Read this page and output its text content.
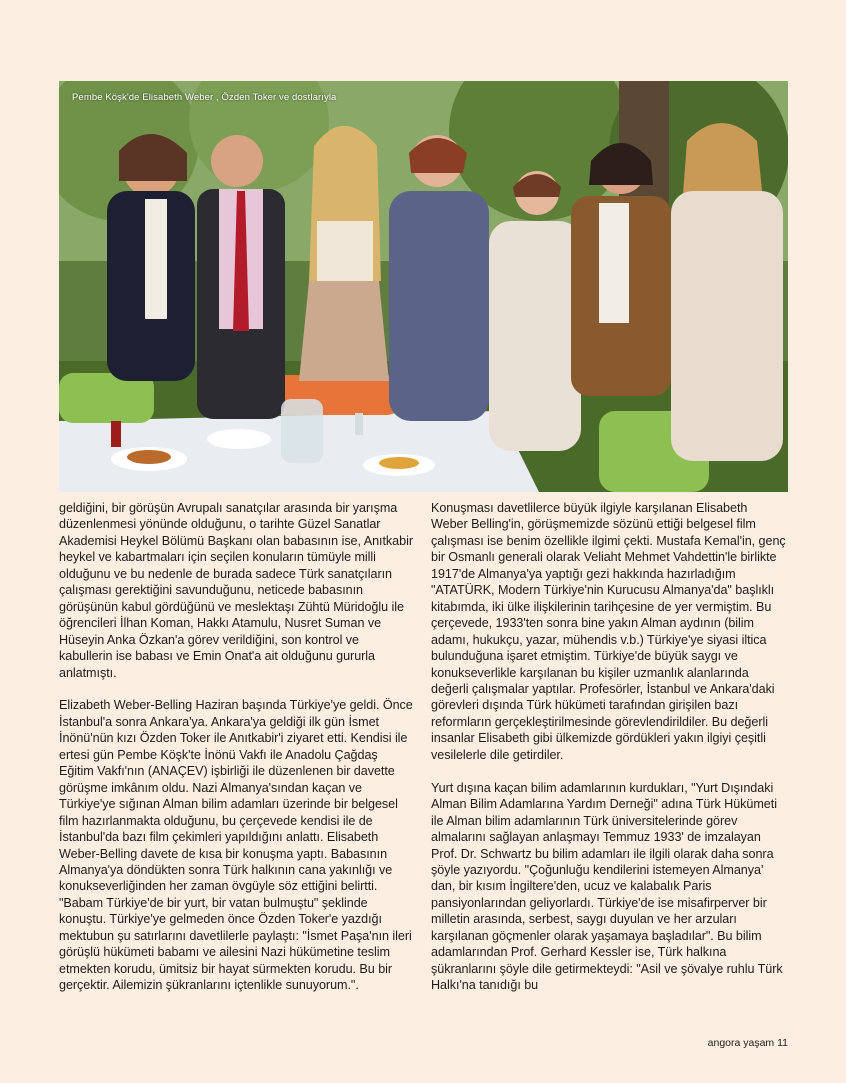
Pembe Köşk'de Elisabeth Weber , Özden Toker ve dostlarıyla

geldiğini, bir görüşün Avrupalı sanatçılar arasında bir yarışma düzenlenmesi yönünde olduğunu, o tarihte Güzel Sanatlar Akademisi Heykel Bölümü Başkanı olan babasının ise, Anıtkabir heykel ve kabartmaları için seçilen konuların tümüyle milli olduğunu ve bu nedenle de burada sadece Türk sanatçıların çalışması gerektiğini savunduğunu, neticede babasının görüşünün kabul gördüğünü ve meslektaşı Zühtü Müridoğlu ile öğrencileri İlhan Koman, Hakkı Atamulu, Nusret Suman ve Hüseyin Anka Özkan'a görev verildiğini, son kontrol ve kabullerin ise babası ve Emin Onat'a ait olduğunu gururla anlatmıştı.

Elizabeth Weber-Belling Haziran başında Türkiye'ye geldi. Önce İstanbul'a sonra Ankara'ya. Ankara'ya geldiği ilk gün İsmet İnönü'nün kızı Özden Toker ile Anıtkabir'i ziyaret etti. Kendisi ile ertesi gün Pembe Köşk'te İnönü Vakfı ile Anadolu Çağdaş Eğitim Vakfı'nın (ANAÇEV) işbirliği ile düzenlenen bir davette görüşme imkânım oldu. Nazi Almanya'sından kaçan ve Türkiye'ye sığınan Alman bilim adamları üzerinde bir belgesel film hazırlanmakta olduğunu, bu çerçevede kendisi ile de İstanbul'da bazı film çekimleri yapıldığını anlattı. Elisabeth Weber-Belling davete de kısa bir konuşma yaptı. Babasının Almanya'ya döndükten sonra Türk halkının cana yakınlığı ve konukseverliğinden her zaman övgüyle söz ettiğini belirtti. "Babam Türkiye'de bir yurt, bir vatan bulmuştu" şeklinde konuştu. Türkiye'ye gelmeden önce Özden Toker'e yazdığı mektubun şu satırlarını davetlilerle paylaştı: "İsmet Paşa'nın ileri görüşlü hükümeti babamı ve ailesini Nazi hükümetine teslim etmekten korudu, ümitsiz bir hayat sürmekten korudu. Bu bir gerçektir. Ailemizin şükranlarını içtenlikle sunuyorum.".

Konuşması davetlilerce büyük ilgiyle karşılanan Elisabeth Weber Belling'in, görüşmemizde sözünü ettiği belgesel film çalışması ise benim özellikle ilgimi çekti. Mustafa Kemal'in, genç bir Osmanlı generali olarak Veliaht Mehmet Vahdettin'le birlikte 1917'de Almanya'ya yaptığı gezi hakkında hazırladığım "ATATÜRK, Modern Türkiye'nin Kurucusu Almanya'da" başlıklı kitabımda, iki ülke ilişkilerinin tarihçesine de yer vermiştim. Bu çerçevede, 1933'ten sonra bine yakın Alman aydının (bilim adamı, hukukçu, yazar, mühendis v.b.) Türkiye'ye siyasi iltica bulunduğuna işaret etmiştim. Türkiye'de büyük saygı ve konukseverlikle karşılanan bu kişiler uzmanlık alanlarında değerli çalışmalar yaptılar. Profesörler, İstanbul ve Ankara'daki görevleri dışında Türk hükümeti tarafından girişilen bazı reformların gerçekleştirilmesinde görevlendirildiler. Bu değerli insanlar Elisabeth gibi ülkemizde gördükleri yakın ilgiyi çeşitli vesilelerle dile getirdiler.

Yurt dışına kaçan bilim adamlarının kurdukları, "Yurt Dışındaki Alman Bilim Adamlarına Yardım Derneği" adına Türk Hükümeti ile Alman bilim adamlarının Türk üniversitelerinde görev almalarını sağlayan anlaşmayı Temmuz 1933' de imzalayan Prof. Dr. Schwartz bu bilim adamları ile ilgili olarak daha sonra şöyle yazıyordu. "Çoğunluğu kendilerini istemeyen Almanya' dan, bir kısım İngiltere'den, ucuz ve kalabalık Paris pansiyonlarından geliyorlardı. Türkiye'de ise misafirperver bir milletin arasında, serbest, saygı duyulan ve her arzuları karşılanan göçmenler olarak yaşamaya başladılar". Bu bilim adamlarından Prof. Gerhard Kessler ise, Türk halkına şükranlarını şöyle dile getirmekteydi: "Asil ve şövalye ruhlu Türk Halkı'na tanıdığı bu

angora yaşam 11
